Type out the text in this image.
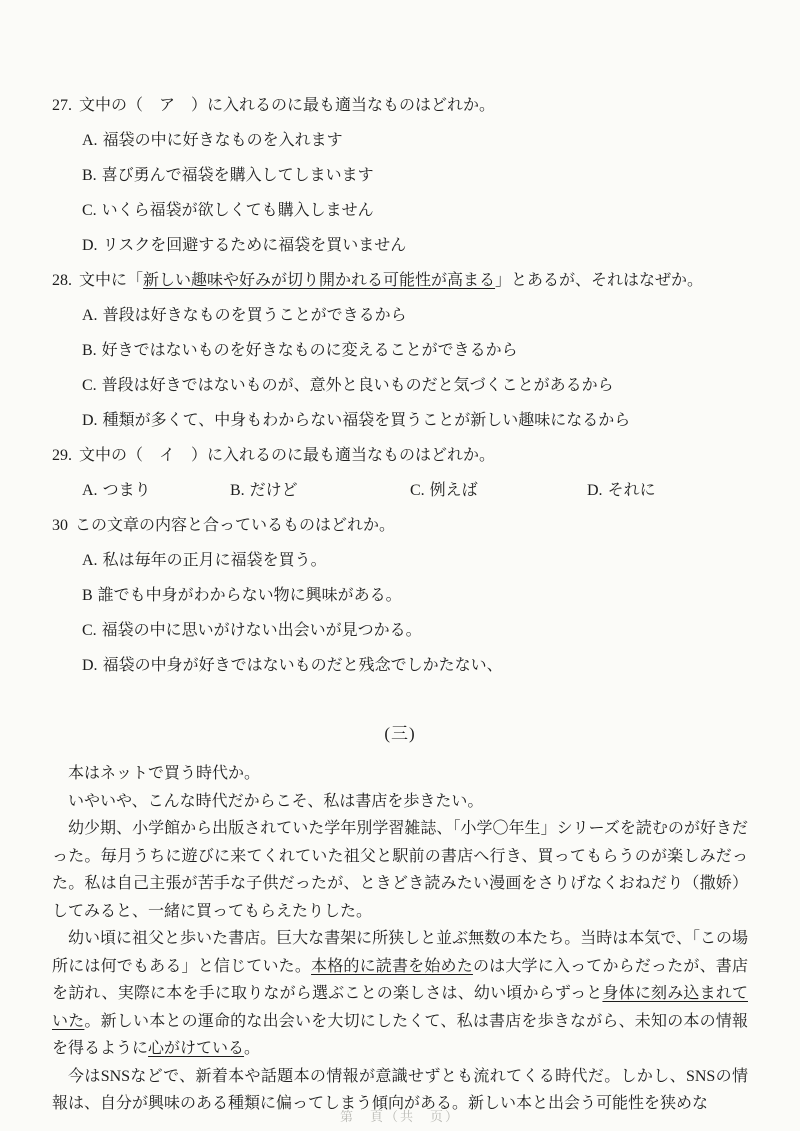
27. 文中の（　ア　）に入れるのに最も適当なものはどれか。
A. 福袋の中に好きなものを入れます
B. 喜び勇んで福袋を購入してしまいます
C. いくら福袋が欲しくても購入しません
D. リスクを回避するために福袋を買いません
28. 文中に「新しい趣味や好みが切り開かれる可能性が高まる」とあるが、それはなぜか。
A. 普段は好きなものを買うことができるから
B. 好きではないものを好きなものに変えることができるから
C. 普段は好きではないものが、意外と良いものだと気づくことがあるから
D. 種類が多くて、中身もわからない福袋を買うことが新しい趣味になるから
29. 文中の（　イ　）に入れるのに最も適当なものはどれか。
A. つまり	B. だけど	C. 例えば	D. それに
30 この文章の内容と合っているものはどれか。
A. 私は毎年の正月に福袋を買う。
B 誰でも中身がわからない物に興味がある。
C. 福袋の中に思いがけない出会いが見つかる。
D. 福袋の中身が好きではないものだと残念でしかたない、
(三)

本はネットで買う時代か。

いやいや、こんな時代だからこそ、私は書店を歩きたい。

幼少期、小学館から出版されていた学年別学習雑誌、「小学〇年生」シリーズを読むのが好きだった。毎月うちに遊びに来てくれていた祖父と駅前の書店へ行き、買ってもらうのが楽しみだった。私は自己主張が苦手な子供だったが、ときどき読みたい漫画をさりげなくおねだり（撒娇）してみると、一緒に買ってもらえたりした。

幼い頃に祖父と歩いた書店。巨大な書架に所狭しと並ぶ無数の本たち。当時は本気で、「この場所には何でもある」と信じていた。本格的に読書を始めたのは大学に入ってからだったが、書店を訪れ、実際に本を手に取りながら選ぶことの楽しさは、幼い頃からずっと身体に刻み込まれていた。新しい本との運命的な出会いを大切にしたくて、私は書店を歩きながら、未知の本の情報を得るように心がけている。

今はSNSなどで、新着本や話題本の情報が意識せずとも流れてくる時代だ。しかし、SNSの情報は、自分が興味のある種類に偏ってしまう傾向がある。新しい本と出会う可能性を狭めな

第　頁（共　页）
